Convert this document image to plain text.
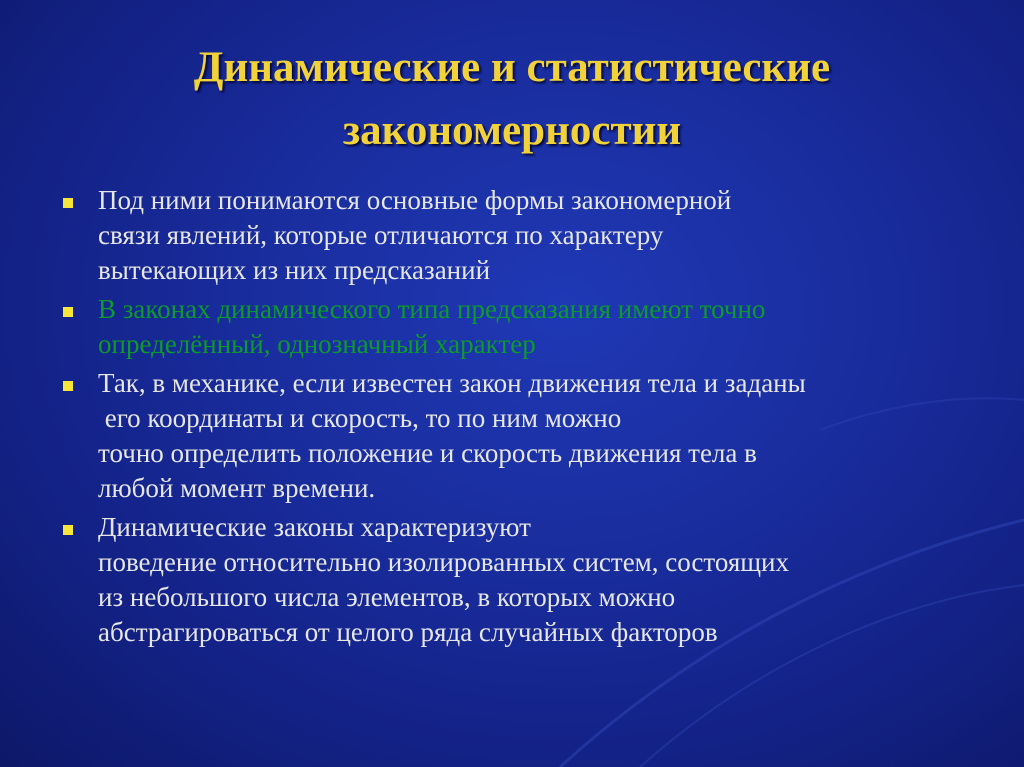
Динамические и статистические
закономерностии
Под ними понимаются основные формы закономерной
связи явлений, которые отличаются по характеру
вытекающих из них предсказаний
В законах динамического типа предсказания имеют точно
определённый, однозначный характер
Так, в механике, если известен закон движения тела и заданы
его координаты и скорость, то по ним можно
точно определить положение и скорость движения тела в
любой момент времени.
Динамические законы характеризуют
поведение относительно изолированных систем, состоящих
из небольшого числа элементов, в которых можно
абстрагироваться от целого ряда случайных факторов
